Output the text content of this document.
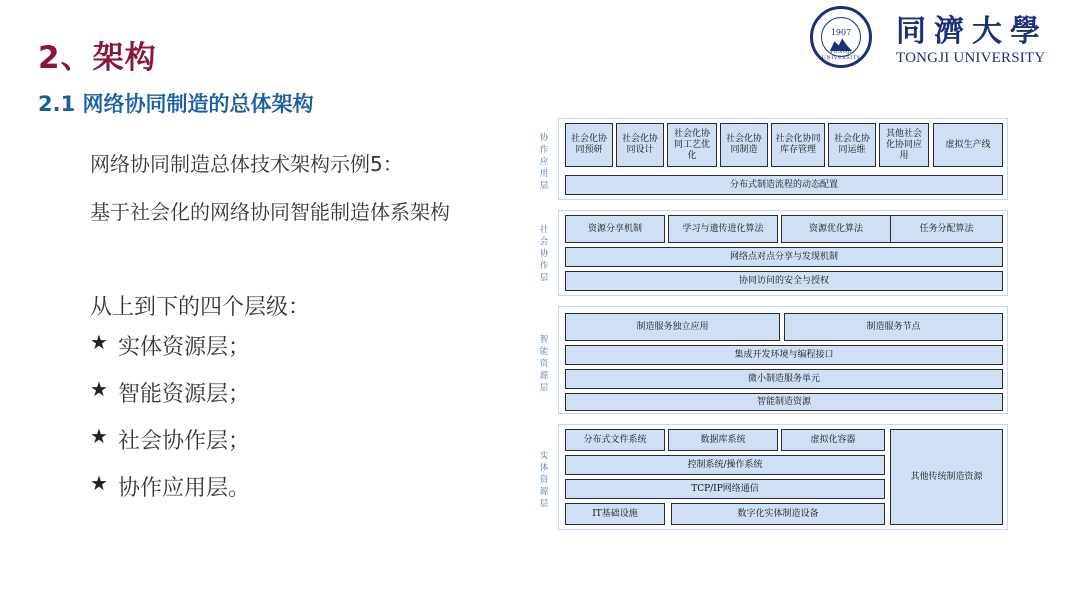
2、架构
2.1 网络协同制造的总体架构
1907
TONGJI UNIVERSITY
同濟大學
TONGJI UNIVERSITY
网络协同制造总体技术架构示例5：
基于社会化的网络协同智能制造体系架构
从上到下的四个层级：
★ 实体资源层；
★ 智能资源层；
★ 社会协作层；
★ 协作应用层。
协作应用层
社会化协同预研
社会化协同设计
社会化协同工艺优化
社会化协同制造
社会化协同库存管理
社会化协同运维
其他社会化协同应用
虚拟生产线
分布式制造流程的动态配置
社会协作层
资源分享机制	学习与遗传进化算法	资源优化算法	任务分配算法
网络点对点分享与发现机制
协同访问的安全与授权
智能资源层
制造服务独立应用	制造服务节点
集成开发环境与编程接口
微小制造服务单元
智能制造资源
实体资源层
分布式文件系统	数据库系统	虚拟化容器
控制系统/操作系统
TCP/IP网络通信
IT基础设施	数字化实体制造设备
其他传统制造资源
